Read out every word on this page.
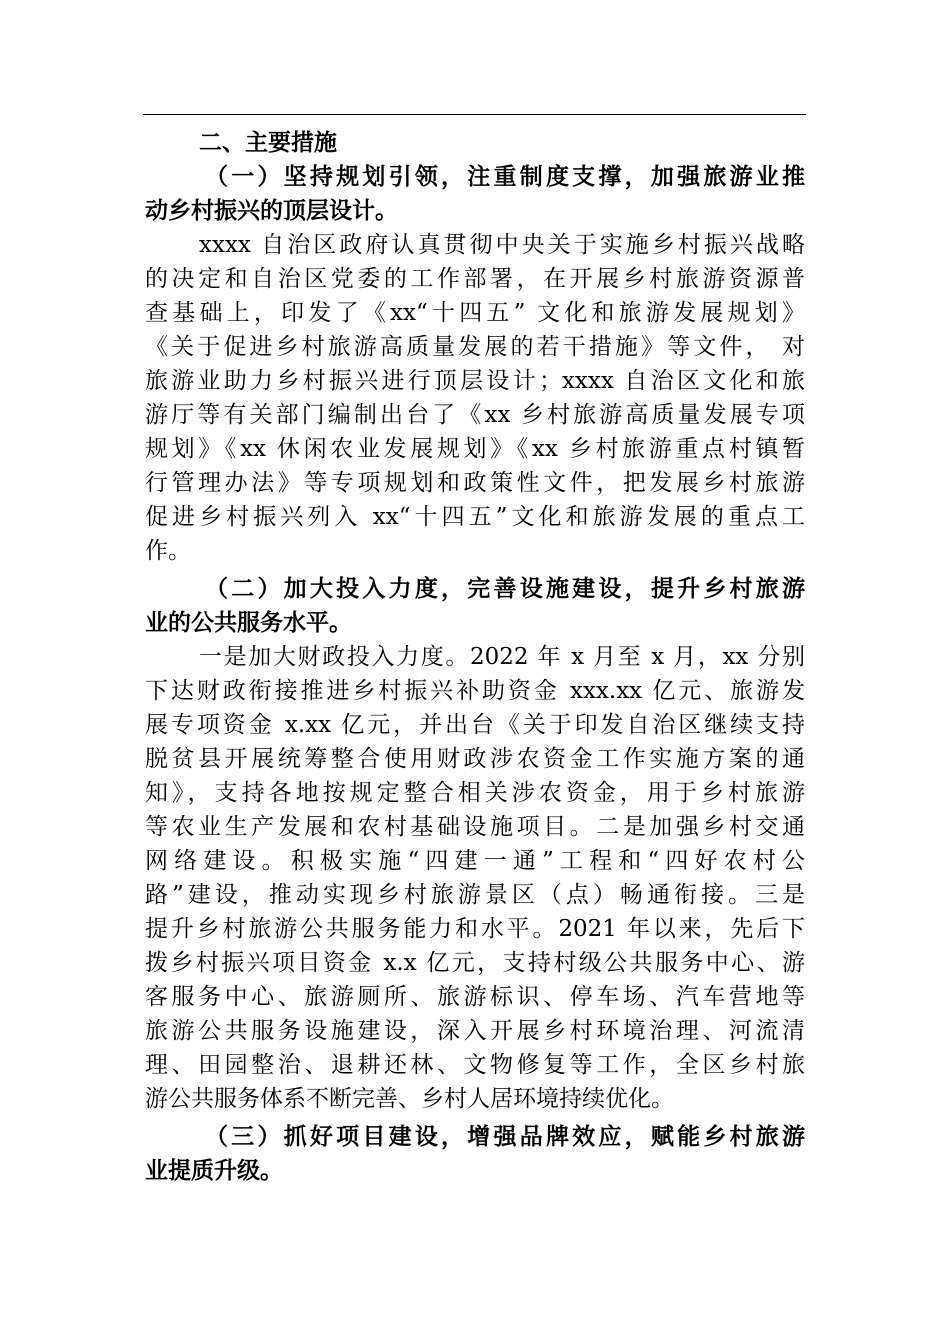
二、主要措施
（一）坚持规划引领，注重制度支撑，加强旅游业推
动乡村振兴的顶层设计。
xxxx 自治区政府认真贯彻中央关于实施乡村振兴战略
的决定和自治区党委的工作部署，在开展乡村旅游资源普
查基础上，印发了《xx“十四五” 文化和旅游发展规划》
《关于促进乡村旅游高质量发展的若干措施》等文件， 对
旅游业助力乡村振兴进行顶层设计；xxxx 自治区文化和旅
游厅等有关部门编制出台了《xx 乡村旅游高质量发展专项
规划》《xx 休闲农业发展规划》《xx 乡村旅游重点村镇暂
行管理办法》等专项规划和政策性文件，把发展乡村旅游
促进乡村振兴列入 xx“十四五”文化和旅游发展的重点工
作。
（二）加大投入力度，完善设施建设，提升乡村旅游
业的公共服务水平。
一是加大财政投入力度。2022 年 x 月至 x 月，xx 分别
下达财政衔接推进乡村振兴补助资金 xxx.xx 亿元、旅游发
展专项资金 x.xx 亿元，并出台《关于印发自治区继续支持
脱贫县开展统筹整合使用财政涉农资金工作实施方案的通
知》，支持各地按规定整合相关涉农资金，用于乡村旅游
等农业生产发展和农村基础设施项目。二是加强乡村交通
网络建设。积极实施“四建一通”工程和“四好农村公
路”建设，推动实现乡村旅游景区（点）畅通衔接。三是
提升乡村旅游公共服务能力和水平。2021 年以来，先后下
拨乡村振兴项目资金 x.x 亿元，支持村级公共服务中心、游
客服务中心、旅游厕所、旅游标识、停车场、汽车营地等
旅游公共服务设施建设，深入开展乡村环境治理、河流清
理、田园整治、退耕还林、文物修复等工作，全区乡村旅
游公共服务体系不断完善、乡村人居环境持续优化。
（三）抓好项目建设，增强品牌效应，赋能乡村旅游
业提质升级。
